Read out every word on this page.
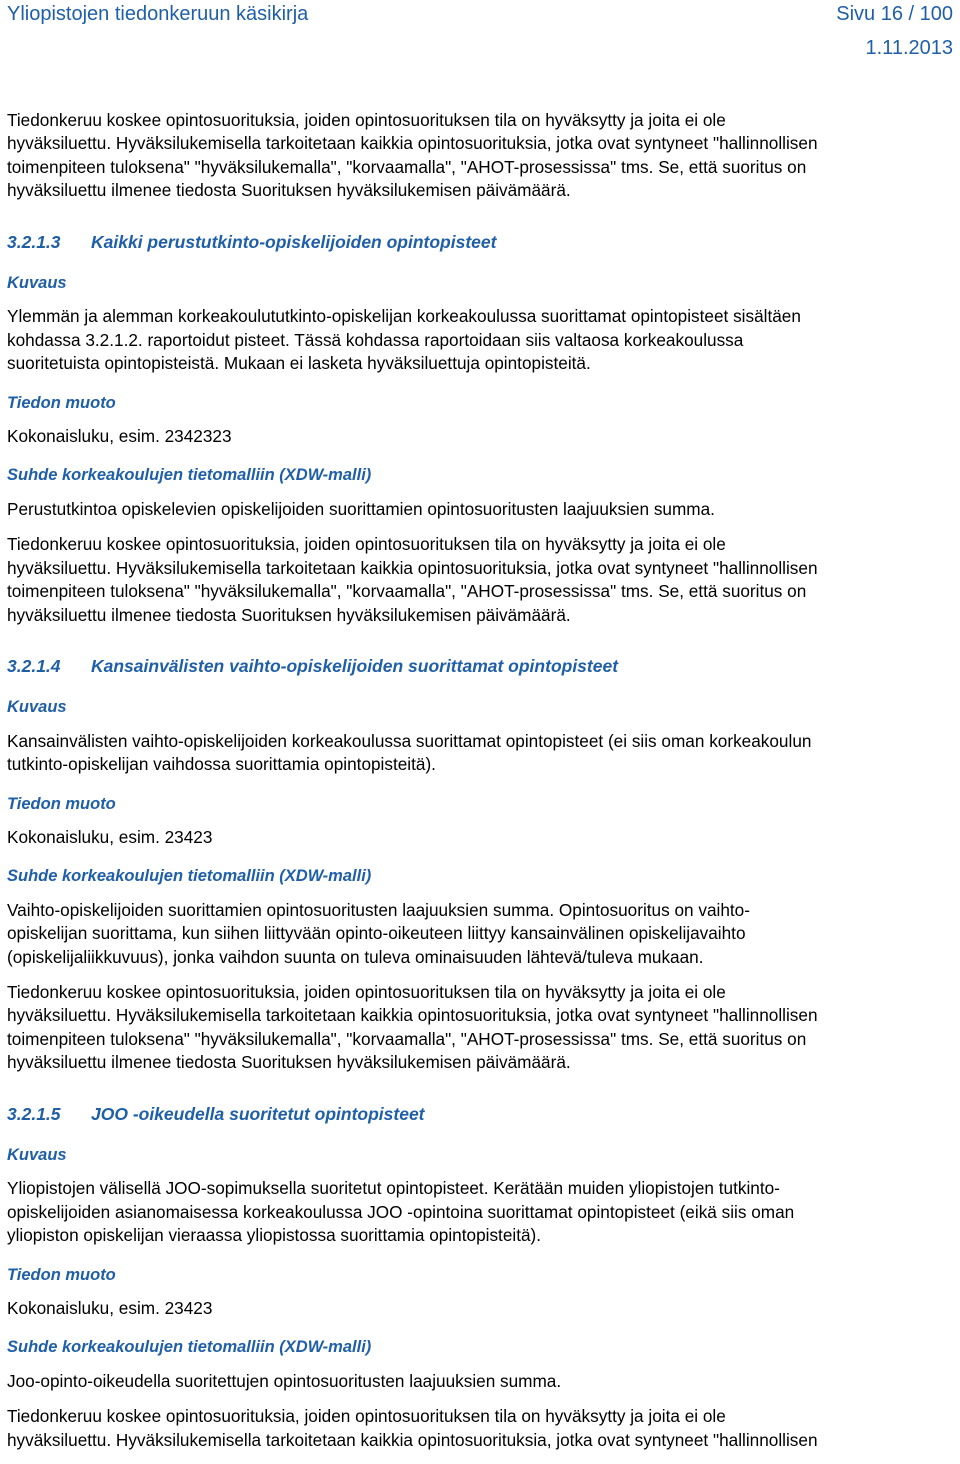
Yliopistojen tiedonkeruun käsikirja	Sivu 16 / 100
1.11.2013

Tiedonkeruu koskee opintosuorituksia, joiden opintosuorituksen tila on hyväksytty ja joita ei ole

hyväksiluettu. Hyväksilukemisella tarkoitetaan kaikkia opintosuorituksia, jotka ovat syntyneet "hallinnollisen

toimenpiteen tuloksena" "hyväksilukemalla", "korvaamalla", "AHOT-prosessissa" tms. Se, että suoritus on

hyväksiluettu ilmenee tiedosta Suorituksen hyväksilukemisen päivämäärä.

3.2.1.3	Kaikki perustutkinto-opiskelijoiden opintopisteet
Kuvaus

Ylemmän ja alemman korkeakoulututkinto-opiskelijan korkeakoulussa suorittamat opintopisteet sisältäen

kohdassa 3.2.1.2. raportoidut pisteet. Tässä kohdassa raportoidaan siis valtaosa korkeakoulussa

suoritetuista opintopisteistä. Mukaan ei lasketa hyväksiluettuja opintopisteitä.

Tiedon muoto

Kokonaisluku, esim. 2342323

Suhde korkeakoulujen tietomalliin (XDW-malli)

Perustutkintoa opiskelevien opiskelijoiden suorittamien opintosuoritusten laajuuksien summa.

Tiedonkeruu koskee opintosuorituksia, joiden opintosuorituksen tila on hyväksytty ja joita ei ole

hyväksiluettu. Hyväksilukemisella tarkoitetaan kaikkia opintosuorituksia, jotka ovat syntyneet "hallinnollisen

toimenpiteen tuloksena" "hyväksilukemalla", "korvaamalla", "AHOT-prosessissa" tms. Se, että suoritus on

hyväksiluettu ilmenee tiedosta Suorituksen hyväksilukemisen päivämäärä.

3.2.1.4	Kansainvälisten vaihto-opiskelijoiden suorittamat opintopisteet
Kuvaus

Kansainvälisten vaihto-opiskelijoiden korkeakoulussa suorittamat opintopisteet (ei siis oman korkeakoulun

tutkinto-opiskelijan vaihdossa suorittamia opintopisteitä).

Tiedon muoto

Kokonaisluku, esim. 23423

Suhde korkeakoulujen tietomalliin (XDW-malli)

Vaihto-opiskelijoiden suorittamien opintosuoritusten laajuuksien summa. Opintosuoritus on vaihto-

opiskelijan suorittama, kun siihen liittyvään opinto-oikeuteen liittyy kansainvälinen opiskelijavaihto

(opiskelijaliikkuvuus), jonka vaihdon suunta on tuleva ominaisuuden lähtevä/tuleva mukaan.

Tiedonkeruu koskee opintosuorituksia, joiden opintosuorituksen tila on hyväksytty ja joita ei ole

hyväksiluettu. Hyväksilukemisella tarkoitetaan kaikkia opintosuorituksia, jotka ovat syntyneet "hallinnollisen

toimenpiteen tuloksena" "hyväksilukemalla", "korvaamalla", "AHOT-prosessissa" tms. Se, että suoritus on

hyväksiluettu ilmenee tiedosta Suorituksen hyväksilukemisen päivämäärä.

3.2.1.5	JOO -oikeudella suoritetut opintopisteet
Kuvaus

Yliopistojen välisellä JOO-sopimuksella suoritetut opintopisteet. Kerätään muiden yliopistojen tutkinto-

opiskelijoiden asianomaisessa korkeakoulussa JOO -opintoina suorittamat opintopisteet (eikä siis oman

yliopiston opiskelijan vieraassa yliopistossa suorittamia opintopisteitä).

Tiedon muoto

Kokonaisluku, esim. 23423

Suhde korkeakoulujen tietomalliin (XDW-malli)

Joo-opinto-oikeudella suoritettujen opintosuoritusten laajuuksien summa.

Tiedonkeruu koskee opintosuorituksia, joiden opintosuorituksen tila on hyväksytty ja joita ei ole

hyväksiluettu. Hyväksilukemisella tarkoitetaan kaikkia opintosuorituksia, jotka ovat syntyneet "hallinnollisen
